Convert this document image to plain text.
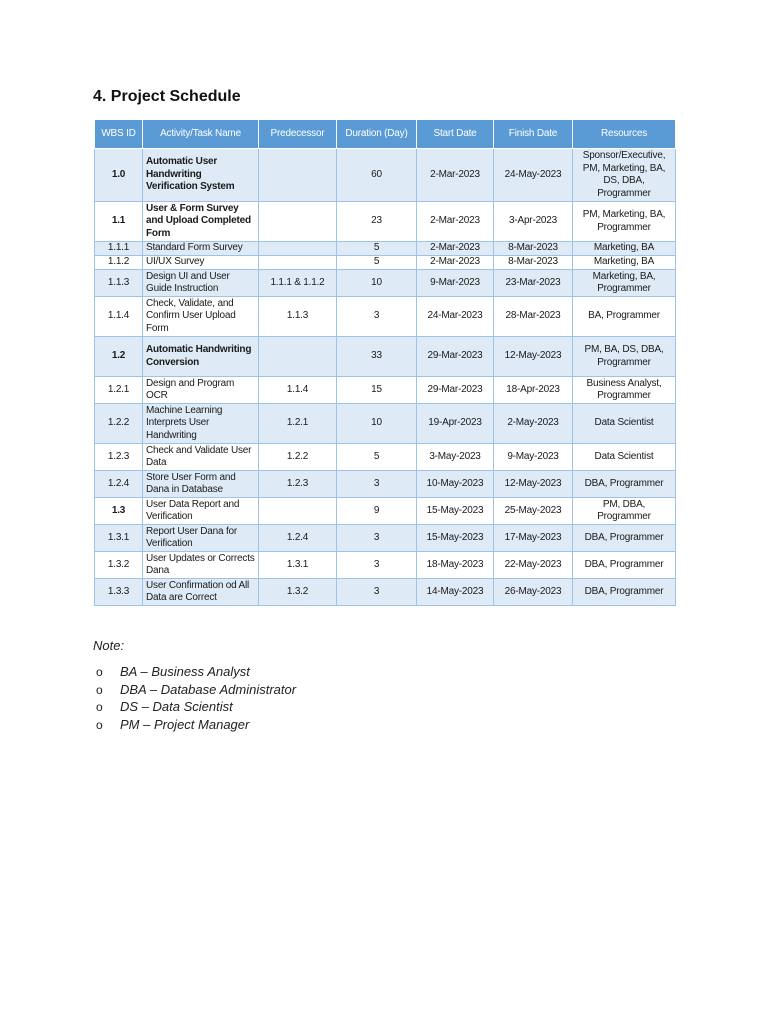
4. Project Schedule
WBS ID	Activity/Task Name	Predecessor	Duration (Day)	Start Date	Finish Date	Resources
1.0	Automatic User Handwriting Verification System		60	2-Mar-2023	24-May-2023	Sponsor/Executive, PM, Marketing, BA, DS, DBA, Programmer
1.1	User & Form Survey and Upload Completed Form		23	2-Mar-2023	3-Apr-2023	PM, Marketing, BA, Programmer
1.1.1	Standard Form Survey		5	2-Mar-2023	8-Mar-2023	Marketing, BA
1.1.2	UI/UX Survey		5	2-Mar-2023	8-Mar-2023	Marketing, BA
1.1.3	Design UI and User Guide Instruction	1.1.1 & 1.1.2	10	9-Mar-2023	23-Mar-2023	Marketing, BA, Programmer
1.1.4	Check, Validate, and Confirm User Upload Form	1.1.3	3	24-Mar-2023	28-Mar-2023	BA, Programmer
1.2	Automatic Handwriting Conversion		33	29-Mar-2023	12-May-2023	PM, BA, DS, DBA, Programmer
1.2.1	Design and Program OCR	1.1.4	15	29-Mar-2023	18-Apr-2023	Business Analyst, Programmer
1.2.2	Machine Learning Interprets User Handwriting	1.2.1	10	19-Apr-2023	2-May-2023	Data Scientist
1.2.3	Check and Validate User Data	1.2.2	5	3-May-2023	9-May-2023	Data Scientist
1.2.4	Store User Form and Dana in Database	1.2.3	3	10-May-2023	12-May-2023	DBA, Programmer
1.3	User Data Report and Verification		9	15-May-2023	25-May-2023	PM, DBA, Programmer
1.3.1	Report User Dana for Verification	1.2.4	3	15-May-2023	17-May-2023	DBA, Programmer
1.3.2	User Updates or Corrects Dana	1.3.1	3	18-May-2023	22-May-2023	DBA, Programmer
1.3.3	User Confirmation od All Data are Correct	1.3.2	3	14-May-2023	26-May-2023	DBA, Programmer
Note:
o BA – Business Analyst
o DBA – Database Administrator
o DS – Data Scientist
o PM – Project Manager
